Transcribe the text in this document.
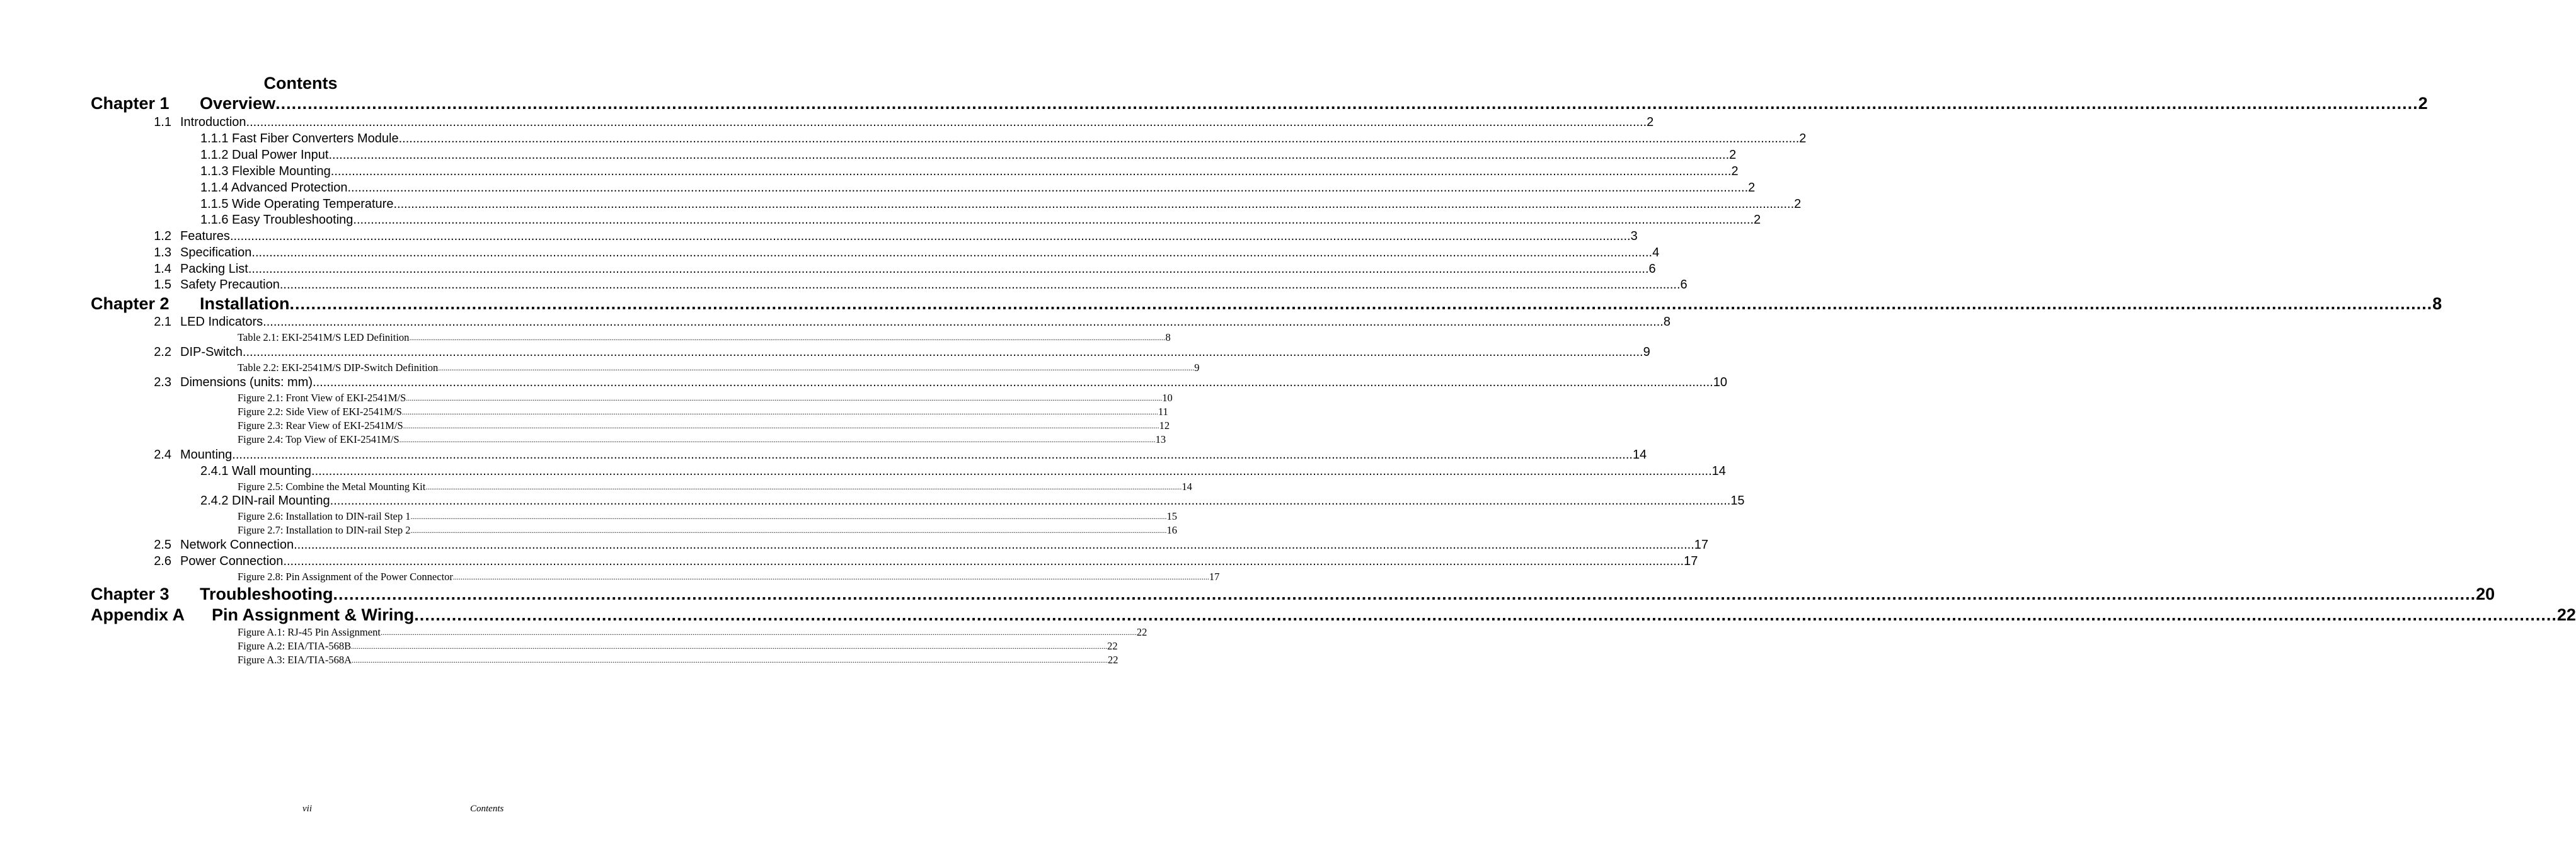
Contents
Chapter 1	Overview ................................................................................................................................................................................................................................................................................................................................................................................................................ 2
1.1 Introduction ................................................................................................................................................................................................................................................................................................................................................................................................................ 2
1.1.1 Fast Fiber Converters Module ................................................................................................................................................................................................................................................................................................................................................................................................................ 2
1.1.2 Dual Power Input ................................................................................................................................................................................................................................................................................................................................................................................................................ 2
1.1.3 Flexible Mounting ................................................................................................................................................................................................................................................................................................................................................................................................................ 2
1.1.4 Advanced Protection ................................................................................................................................................................................................................................................................................................................................................................................................................ 2
1.1.5 Wide Operating Temperature ................................................................................................................................................................................................................................................................................................................................................................................................................ 2
1.1.6 Easy Troubleshooting ................................................................................................................................................................................................................................................................................................................................................................................................................ 2
1.2 Features ................................................................................................................................................................................................................................................................................................................................................................................................................ 3
1.3 Specification ................................................................................................................................................................................................................................................................................................................................................................................................................ 4
1.4 Packing List ................................................................................................................................................................................................................................................................................................................................................................................................................ 6
1.5 Safety Precaution ................................................................................................................................................................................................................................................................................................................................................................................................................ 6
Chapter 2	Installation ................................................................................................................................................................................................................................................................................................................................................................................................................ 8
2.1 LED Indicators ................................................................................................................................................................................................................................................................................................................................................................................................................ 8
Table 2.1: EKI-2541M/S LED Definition ................................................................................................................................................................................................................................................................................................................................................................................................................ 8
2.2 DIP-Switch ................................................................................................................................................................................................................................................................................................................................................................................................................ 9
Table 2.2: EKI-2541M/S DIP-Switch Definition ................................................................................................................................................................................................................................................................................................................................................................................................................ 9
2.3 Dimensions (units: mm) ................................................................................................................................................................................................................................................................................................................................................................................................................ 10
Figure 2.1: Front View of EKI-2541M/S ................................................................................................................................................................................................................................................................................................................................................................................................................ 10
Figure 2.2: Side View of EKI-2541M/S ................................................................................................................................................................................................................................................................................................................................................................................................................ 11
Figure 2.3: Rear View of EKI-2541M/S ................................................................................................................................................................................................................................................................................................................................................................................................................ 12
Figure 2.4: Top View of EKI-2541M/S ................................................................................................................................................................................................................................................................................................................................................................................................................ 13
2.4 Mounting ................................................................................................................................................................................................................................................................................................................................................................................................................ 14
2.4.1 Wall mounting ................................................................................................................................................................................................................................................................................................................................................................................................................ 14
Figure 2.5: Combine the Metal Mounting Kit ................................................................................................................................................................................................................................................................................................................................................................................................................ 14
2.4.2 DIN-rail Mounting ................................................................................................................................................................................................................................................................................................................................................................................................................ 15
Figure 2.6: Installation to DIN-rail Step 1 ................................................................................................................................................................................................................................................................................................................................................................................................................ 15
Figure 2.7: Installation to DIN-rail Step 2 ................................................................................................................................................................................................................................................................................................................................................................................................................ 16
2.5 Network Connection ................................................................................................................................................................................................................................................................................................................................................................................................................ 17
2.6 Power Connection ................................................................................................................................................................................................................................................................................................................................................................................................................ 17
Figure 2.8: Pin Assignment of the Power Connector ................................................................................................................................................................................................................................................................................................................................................................................................................ 17
Chapter 3	Troubleshooting ................................................................................................................................................................................................................................................................................................................................................................................................................ 20
Appendix A	Pin Assignment & Wiring ................................................................................................................................................................................................................................................................................................................................................................................................................ 22
Figure A.1: RJ-45 Pin Assignment ................................................................................................................................................................................................................................................................................................................................................................................................................ 22
Figure A.2: EIA/TIA-568B ................................................................................................................................................................................................................................................................................................................................................................................................................ 22
Figure A.3: EIA/TIA-568A ................................................................................................................................................................................................................................................................................................................................................................................................................ 22
vii	Contents
